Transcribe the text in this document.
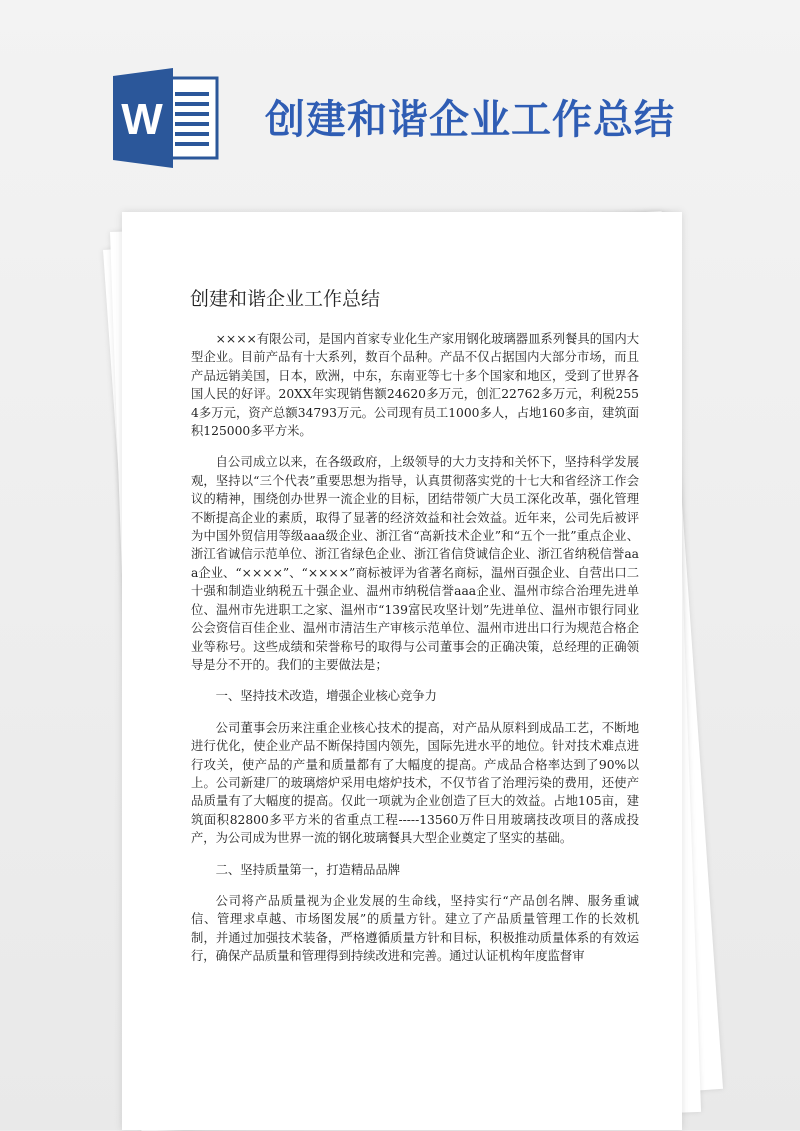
W	创建和谐企业工作总结
创建和谐企业工作总结

××××有限公司，是国内首家专业化生产家用钢化玻璃器皿系列餐具的国内大型企业。目前产品有十大系列，数百个品种。产品不仅占据国内大部分市场，而且产品远销美国，日本，欧洲，中东，东南亚等七十多个国家和地区，受到了世界各国人民的好评。20XX年实现销售额24620多万元，创汇22762多万元，利税2554多万元，资产总额34793万元。公司现有员工1000多人，占地160多亩，建筑面积125000多平方米。

自公司成立以来，在各级政府，上级领导的大力支持和关怀下，坚持科学发展观，坚持以“三个代表”重要思想为指导，认真贯彻落实党的十七大和省经济工作会议的精神，围绕创办世界一流企业的目标，团结带领广大员工深化改革，强化管理不断提高企业的素质，取得了显著的经济效益和社会效益。近年来，公司先后被评为中国外贸信用等级aaa级企业、浙江省“高新技术企业”和“五个一批”重点企业、浙江省诚信示范单位、浙江省绿色企业、浙江省信贷诚信企业、浙江省纳税信誉aaa企业、“××××”、“××××”商标被评为省著名商标，温州百强企业、自营出口二十强和制造业纳税五十强企业、温州市纳税信誉aaa企业、温州市综合治理先进单位、温州市先进职工之家、温州市“139富民攻坚计划”先进单位、温州市银行同业公会资信百佳企业、温州市清洁生产审核示范单位、温州市进出口行为规范合格企业等称号。这些成绩和荣誉称号的取得与公司董事会的正确决策，总经理的正确领导是分不开的。我们的主要做法是；

一、坚持技术改造，增强企业核心竞争力

公司董事会历来注重企业核心技术的提高，对产品从原料到成品工艺，不断地进行优化，使企业产品不断保持国内领先，国际先进水平的地位。针对技术难点进行攻关，使产品的产量和质量都有了大幅度的提高。产成品合格率达到了90%以上。公司新建厂的玻璃熔炉采用电熔炉技术，不仅节省了治理污染的费用，还使产品质量有了大幅度的提高。仅此一项就为企业创造了巨大的效益。占地105亩，建筑面积82800多平方米的省重点工程-----13560万件日用玻璃技改项目的落成投产，为公司成为世界一流的钢化玻璃餐具大型企业奠定了坚实的基础。

二、坚持质量第一，打造精品品牌

公司将产品质量视为企业发展的生命线，坚持实行“产品创名牌、服务重诚信、管理求卓越、市场图发展”的质量方针。建立了产品质量管理工作的长效机制，并通过加强技术装备，严格遵循质量方针和目标，积极推动质量体系的有效运行，确保产品质量和管理得到持续改进和完善。通过认证机构年度监督审
